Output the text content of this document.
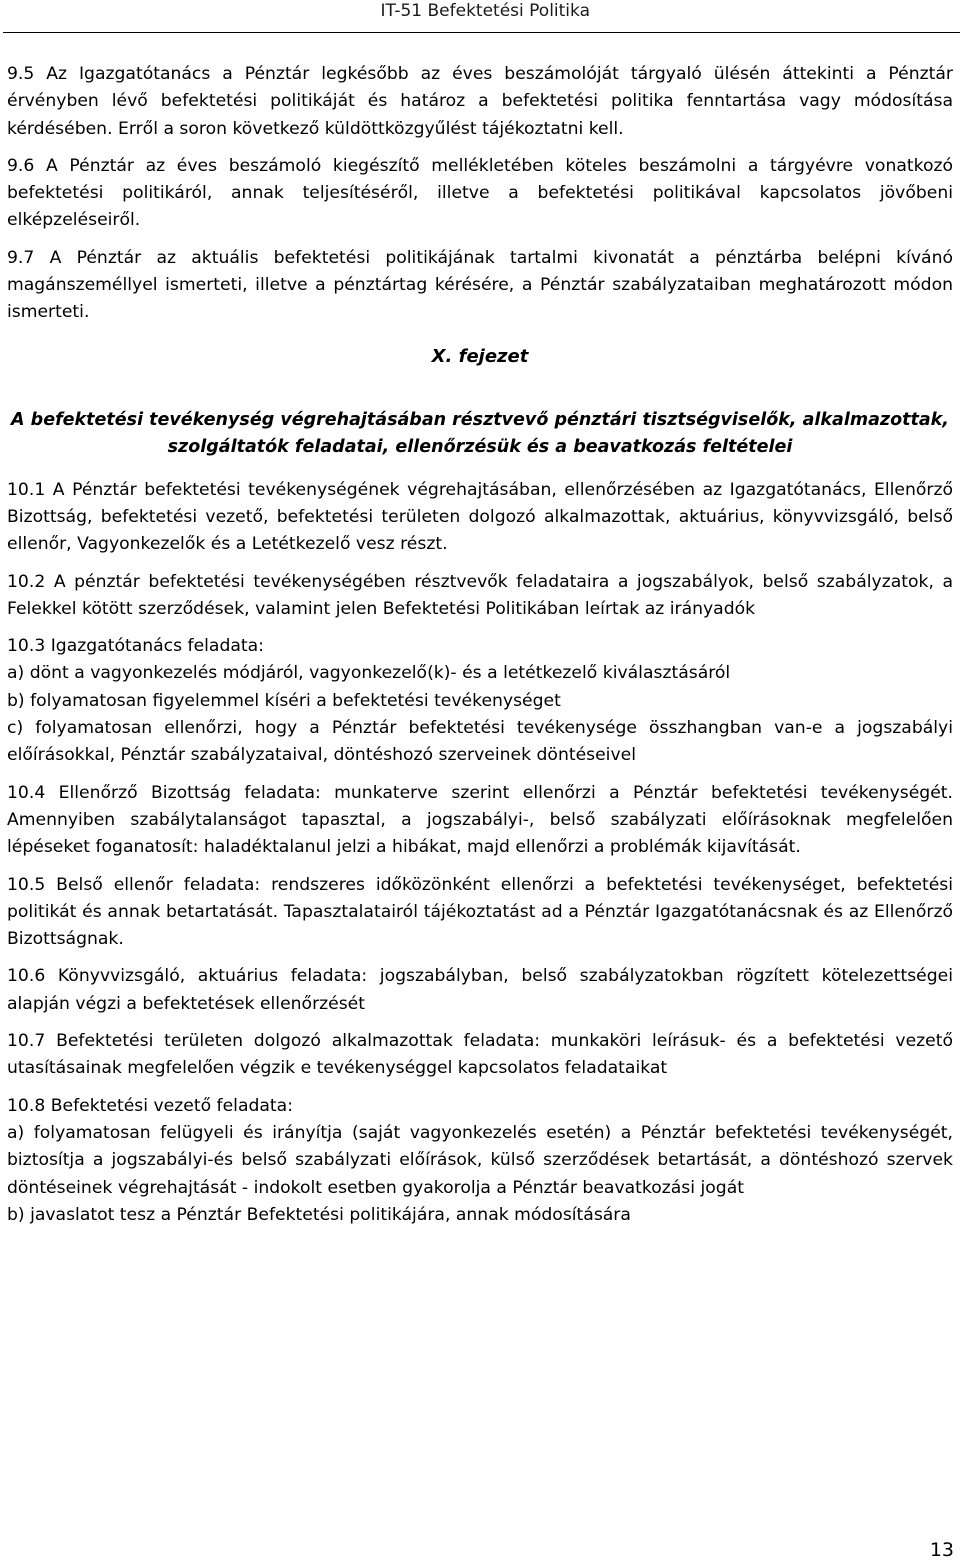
IT-51 Befektetési Politika

9.5 Az Igazgatótanács a Pénztár legkésőbb az éves beszámolóját tárgyaló ülésén áttekinti a Pénztár érvényben lévő befektetési politikáját és határoz a befektetési politika fenntartása vagy módosítása kérdésében. Erről a soron következő küldöttközgyűlést tájékoztatni kell.

9.6 A Pénztár az éves beszámoló kiegészítő mellékletében köteles beszámolni a tárgyévre vonatkozó befektetési politikáról, annak teljesítéséről, illetve a befektetési politikával kapcsolatos jövőbeni elképzeléseiről.

9.7 A Pénztár az aktuális befektetési politikájának tartalmi kivonatát a pénztárba belépni kívánó magánszeméllyel ismerteti, illetve a pénztártag kérésére, a Pénztár szabályzataiban meghatározott módon ismerteti.

X. fejezet
A befektetési tevékenység végrehajtásában résztvevő pénztári tisztségviselők, alkalmazottak, szolgáltatók feladatai, ellenőrzésük és a beavatkozás feltételei

10.1 A Pénztár befektetési tevékenységének végrehajtásában, ellenőrzésében az Igazgatótanács, Ellenőrző Bizottság, befektetési vezető, befektetési területen dolgozó alkalmazottak, aktuárius, könyvvizsgáló, belső ellenőr, Vagyonkezelők és a Letétkezelő vesz részt.

10.2 A pénztár befektetési tevékenységében résztvevők feladataira a jogszabályok, belső szabályzatok, a Felekkel kötött szerződések, valamint jelen Befektetési Politikában leírtak az irányadók

10.3 Igazgatótanács feladata:

a) dönt a vagyonkezelés módjáról, vagyonkezelő(k)- és a letétkezelő kiválasztásáról

b) folyamatosan figyelemmel kíséri a befektetési tevékenységet

c) folyamatosan ellenőrzi, hogy a Pénztár befektetési tevékenysége összhangban van-e a jogszabályi előírásokkal, Pénztár szabályzataival, döntéshozó szerveinek döntéseivel

10.4 Ellenőrző Bizottság feladata: munkaterve szerint ellenőrzi a Pénztár befektetési tevékenységét. Amennyiben szabálytalanságot tapasztal, a jogszabályi-, belső szabályzati előírásoknak megfelelően lépéseket foganatosít: haladéktalanul jelzi a hibákat, majd ellenőrzi a problémák kijavítását.

10.5 Belső ellenőr feladata: rendszeres időközönként ellenőrzi a befektetési tevékenységet, befektetési politikát és annak betartatását. Tapasztalatairól tájékoztatást ad a Pénztár Igazgatótanácsnak és az Ellenőrző Bizottságnak.

10.6 Könyvvizsgáló, aktuárius feladata: jogszabályban, belső szabályzatokban rögzített kötelezettségei alapján végzi a befektetések ellenőrzését

10.7 Befektetési területen dolgozó alkalmazottak feladata: munkaköri leírásuk- és a befektetési vezető utasításainak megfelelően végzik e tevékenységgel kapcsolatos feladataikat

10.8 Befektetési vezető feladata:

a) folyamatosan felügyeli és irányítja (saját vagyonkezelés esetén) a Pénztár befektetési tevékenységét, biztosítja a jogszabályi-és belső szabályzati előírások, külső szerződések betartását, a döntéshozó szervek döntéseinek végrehajtását - indokolt esetben gyakorolja a Pénztár beavatkozási jogát

b) javaslatot tesz a Pénztár Befektetési politikájára, annak módosítására

13
